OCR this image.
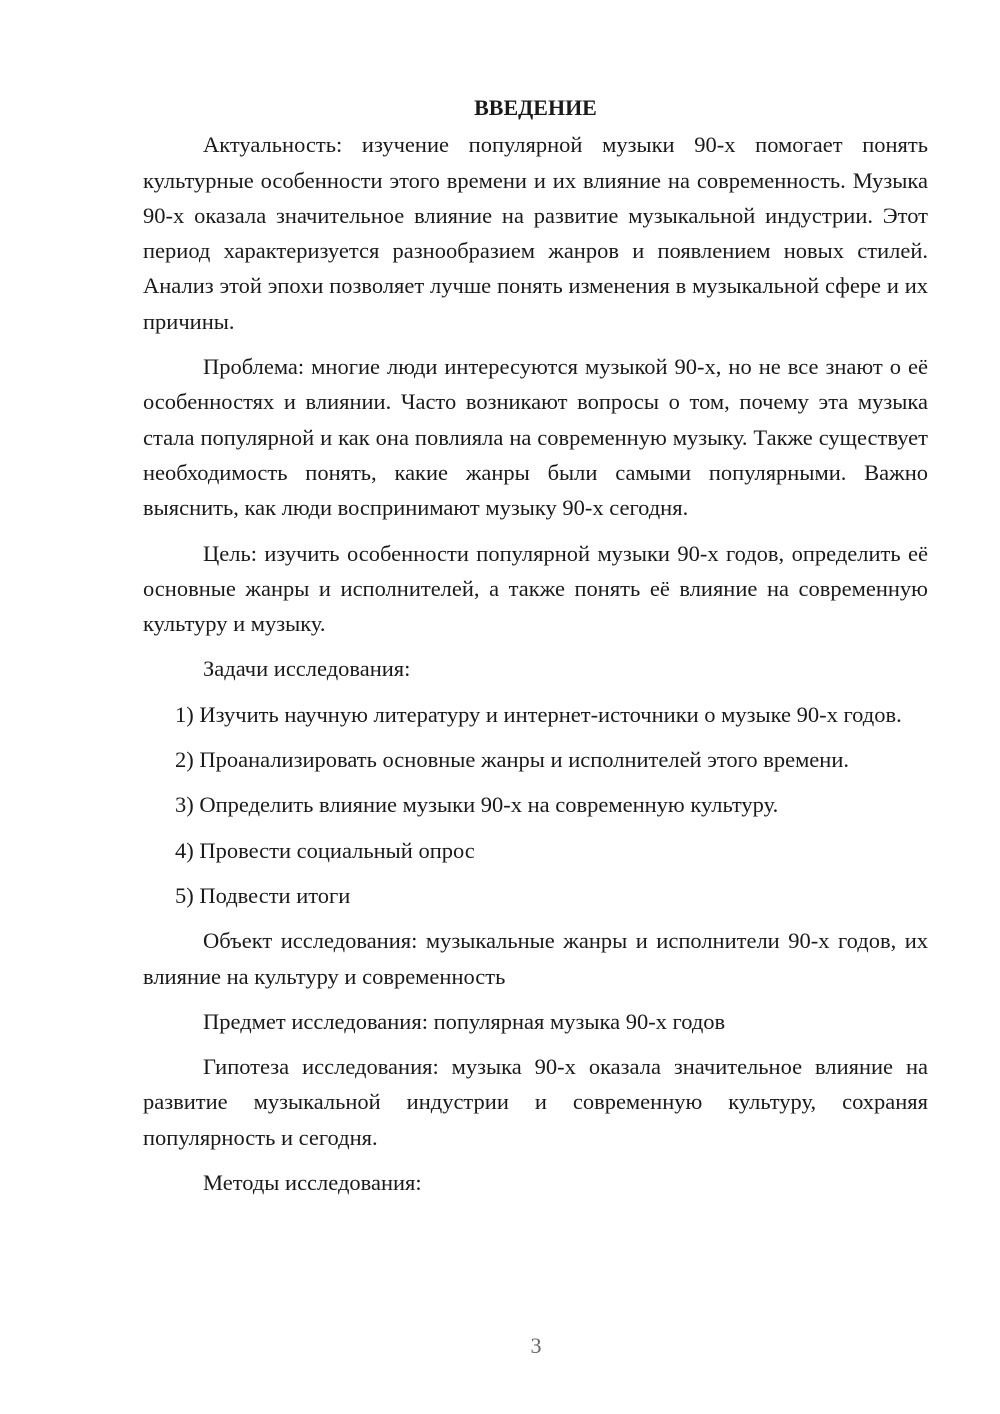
ВВЕДЕНИЕ

Актуальность: изучение популярной музыки 90-х помогает понять культурные особенности этого времени и их влияние на современность. Музыка 90-х оказала значительное влияние на развитие музыкальной индустрии. Этот период характеризуется разнообразием жанров и появлением новых стилей. Анализ этой эпохи позволяет лучше понять изменения в музыкальной сфере и их причины.

Проблема: многие люди интересуются музыкой 90-х, но не все знают о её особенностях и влиянии. Часто возникают вопросы о том, почему эта музыка стала популярной и как она повлияла на современную музыку. Также существует необходимость понять, какие жанры были самыми популярными. Важно выяснить, как люди воспринимают музыку 90-х сегодня.

Цель: изучить особенности популярной музыки 90-х годов, определить её основные жанры и исполнителей, а также понять её влияние на современную культуру и музыку.

Задачи исследования:

1) Изучить научную литературу и интернет-источники о музыке 90-х годов.

2) Проанализировать основные жанры и исполнителей этого времени.

3) Определить влияние музыки 90-х на современную культуру.

4) Провести социальный опрос

5) Подвести итоги

Объект исследования: музыкальные жанры и исполнители 90-х годов, их влияние на культуру и современность

Предмет исследования: популярная музыка 90-х годов

Гипотеза исследования: музыка 90-х оказала значительное влияние на развитие музыкальной индустрии и современную культуру, сохраняя популярность и сегодня.

Методы исследования:

3
